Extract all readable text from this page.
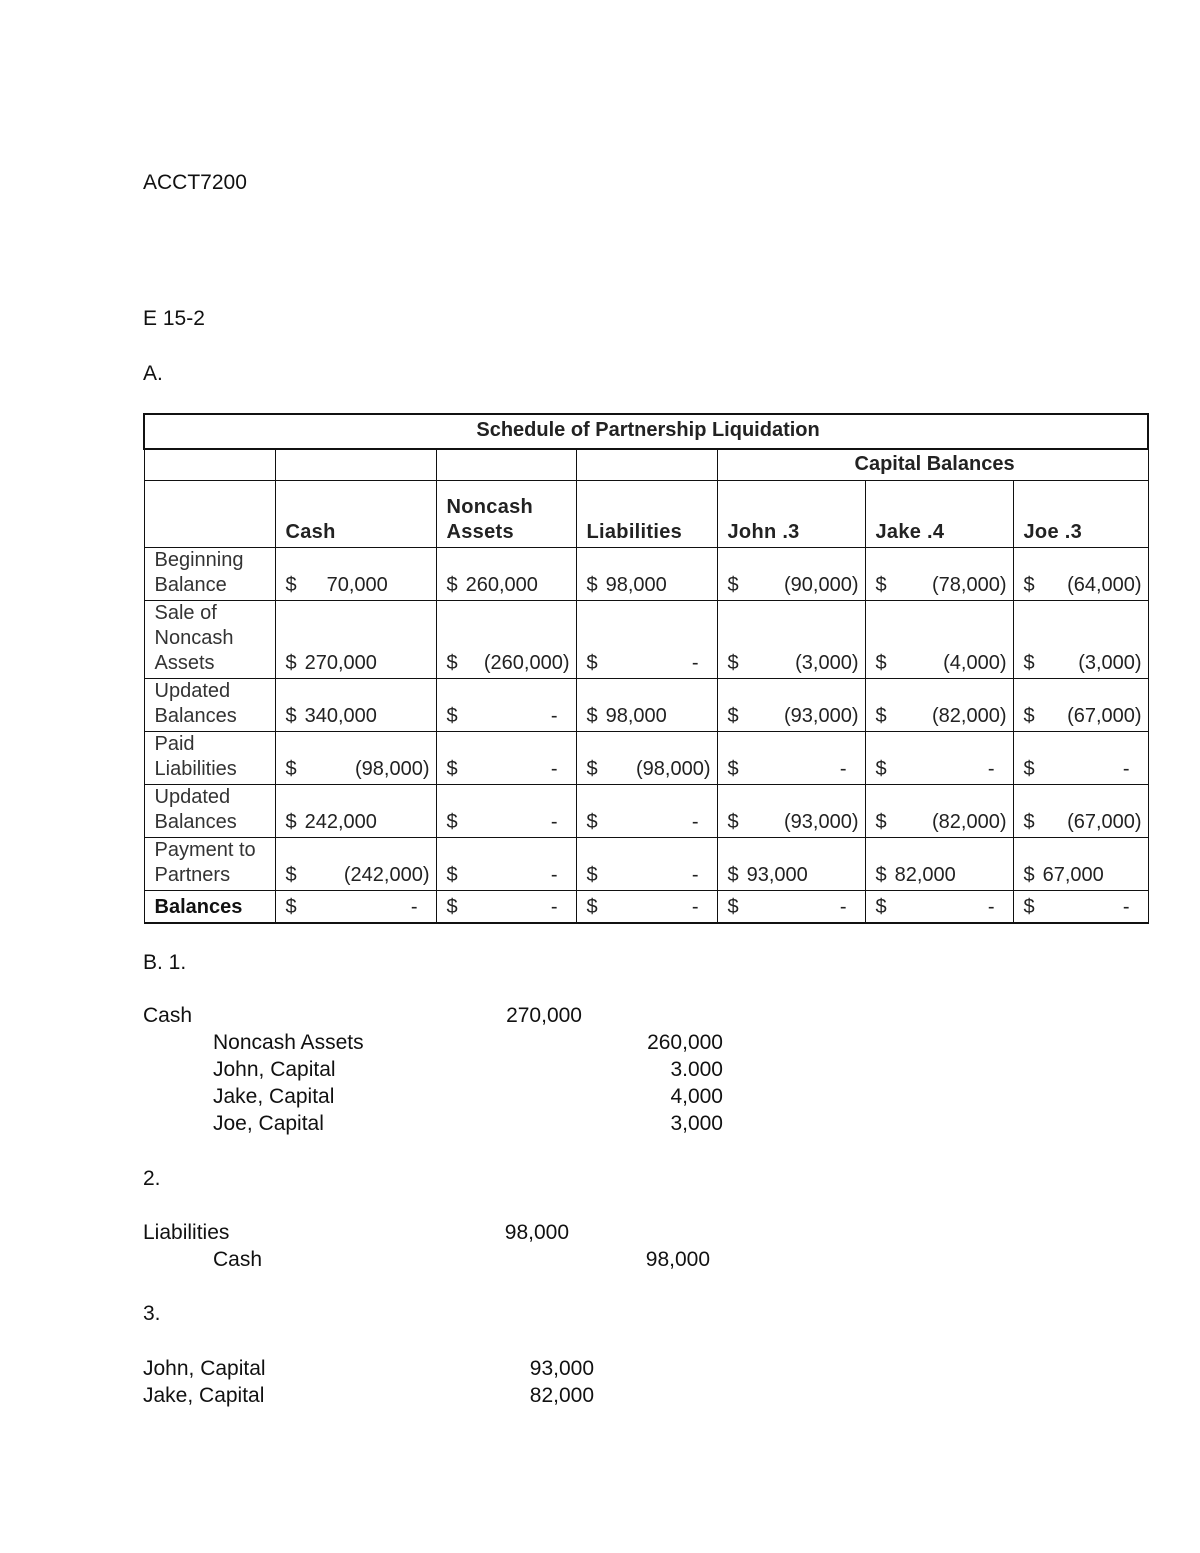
ACCT7200
E 15-2
A.
Schedule of Partnership Liquidation						
				Capital Balances		
	Cash	Noncash Assets	Liabilities	John .3	Jake .4	Joe .3
Beginning Balance	$ 70,000	$ 260,000	$ 98,000	$ (90,000)	$ (78,000)	$ (64,000)

Sale of Noncash Assets	$ 270,000	$ (260,000)	$ -	$ (3,000)	$ (4,000)	$ (3,000)

Updated Balances	$ 340,000	$ -	$ 98,000	$ (93,000)	$ (82,000)	$ (67,000)

Paid Liabilities	$ (98,000)	$ -	$ (98,000)	$ -	$ -	$ -

Updated Balances	$ 242,000	$ -	$ -	$ (93,000)	$ (82,000)	$ (67,000)

Payment to Partners	$ (242,000)	$ -	$ -	$ 93,000	$ 82,000	$ 67,000

Balances	$ -	$ -	$ -	$ -	$ -	$ -
B. 1.
Cash	270,000
Noncash Assets	260,000
John, Capital	3.000
Jake, Capital	4,000
Joe, Capital	3,000
2.
Liabilities	98,000
Cash	98,000
3.
John, Capital	93,000
Jake, Capital	82,000
